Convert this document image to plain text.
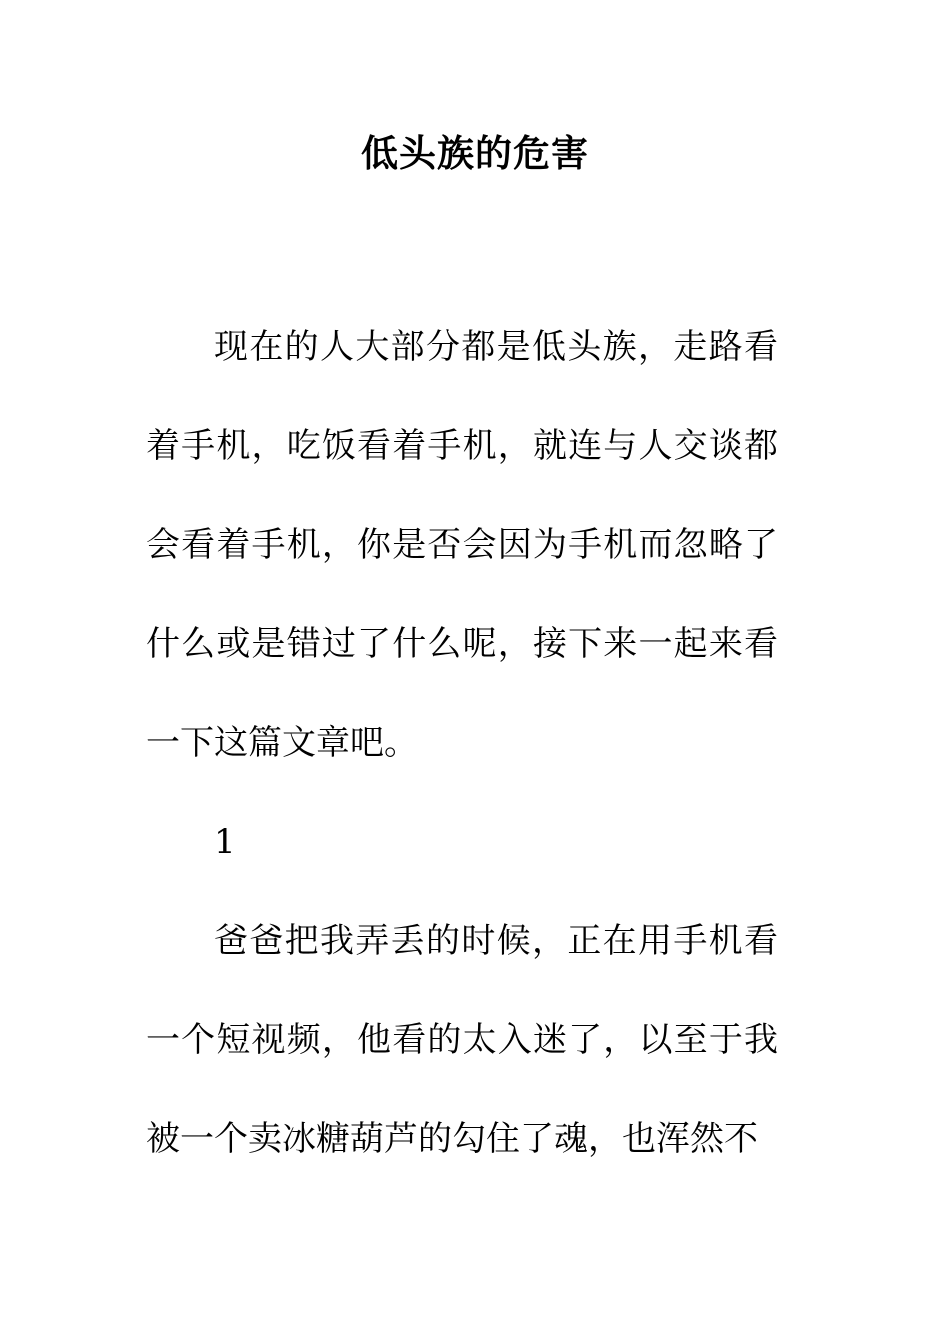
低头族的危害

现在的人大部分都是低头族，走路看着手机，吃饭看着手机，就连与人交谈都会看着手机，你是否会因为手机而忽略了什么或是错过了什么呢，接下来一起来看一下这篇文章吧。

1

爸爸把我弄丢的时候，正在用手机看一个短视频，他看的太入迷了，以至于我被一个卖冰糖葫芦的勾住了魂，也浑然不
